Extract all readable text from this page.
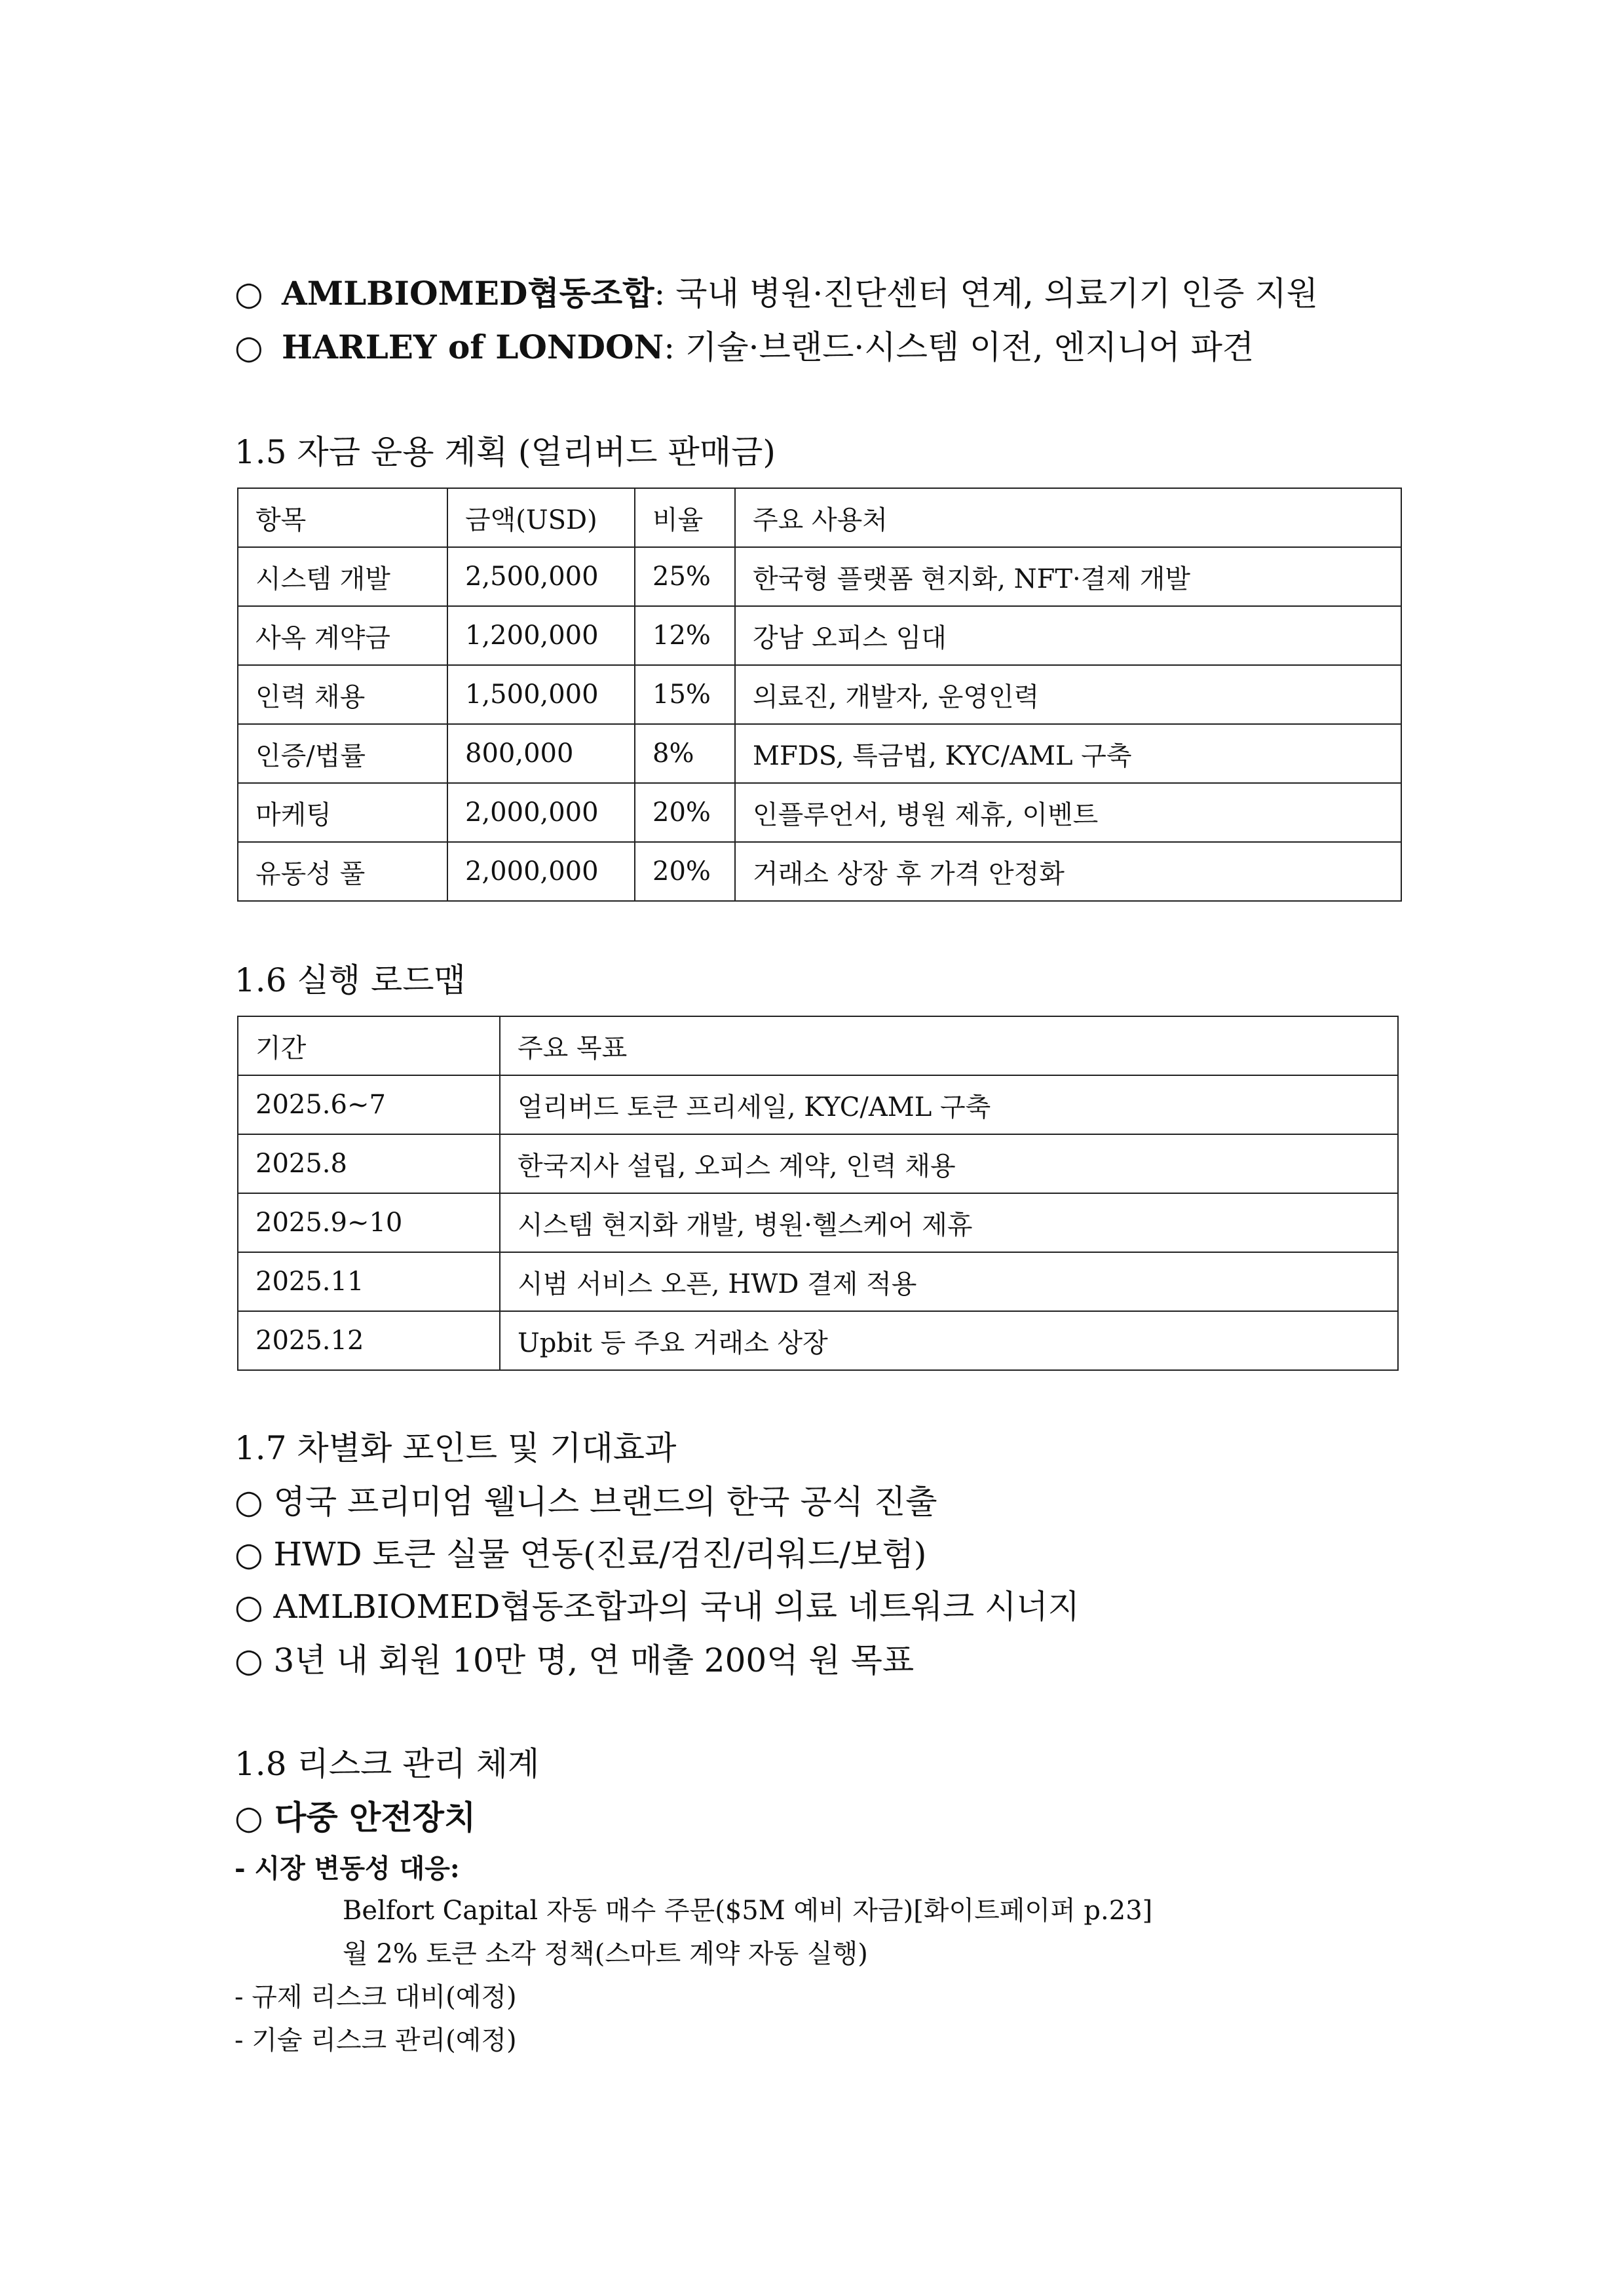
○ AMLBIOMED협동조합: 국내 병원·진단센터 연계, 의료기기 인증 지원
○ HARLEY of LONDON: 기술·브랜드·시스템 이전, 엔지니어 파견
1.5 자금 운용 계획 (얼리버드 판매금)
항목	금액(USD)	비율	주요 사용처
시스템 개발	2,500,000	25%	한국형 플랫폼 현지화, NFT·결제 개발
사옥 계약금	1,200,000	12%	강남 오피스 임대
인력 채용	1,500,000	15%	의료진, 개발자, 운영인력
인증/법률	800,000	8%	MFDS, 특금법, KYC/AML 구축
마케팅	2,000,000	20%	인플루언서, 병원 제휴, 이벤트
유동성 풀	2,000,000	20%	거래소 상장 후 가격 안정화
1.6 실행 로드맵
기간	주요 목표
2025.6~7	얼리버드 토큰 프리세일, KYC/AML 구축
2025.8	한국지사 설립, 오피스 계약, 인력 채용
2025.9~10	시스템 현지화 개발, 병원·헬스케어 제휴
2025.11	시범 서비스 오픈, HWD 결제 적용
2025.12	Upbit 등 주요 거래소 상장
1.7 차별화 포인트 및 기대효과
○ 영국 프리미엄 웰니스 브랜드의 한국 공식 진출
○ HWD 토큰 실물 연동(진료/검진/리워드/보험)
○ AMLBIOMED협동조합과의 국내 의료 네트워크 시너지
○ 3년 내 회원 10만 명, 연 매출 200억 원 목표
1.8 리스크 관리 체계
○ 다중 안전장치
- 시장 변동성 대응:
Belfort Capital 자동 매수 주문($5M 예비 자금)[화이트페이퍼 p.23]
월 2% 토큰 소각 정책(스마트 계약 자동 실행)
- 규제 리스크 대비(예정)
- 기술 리스크 관리(예정)
